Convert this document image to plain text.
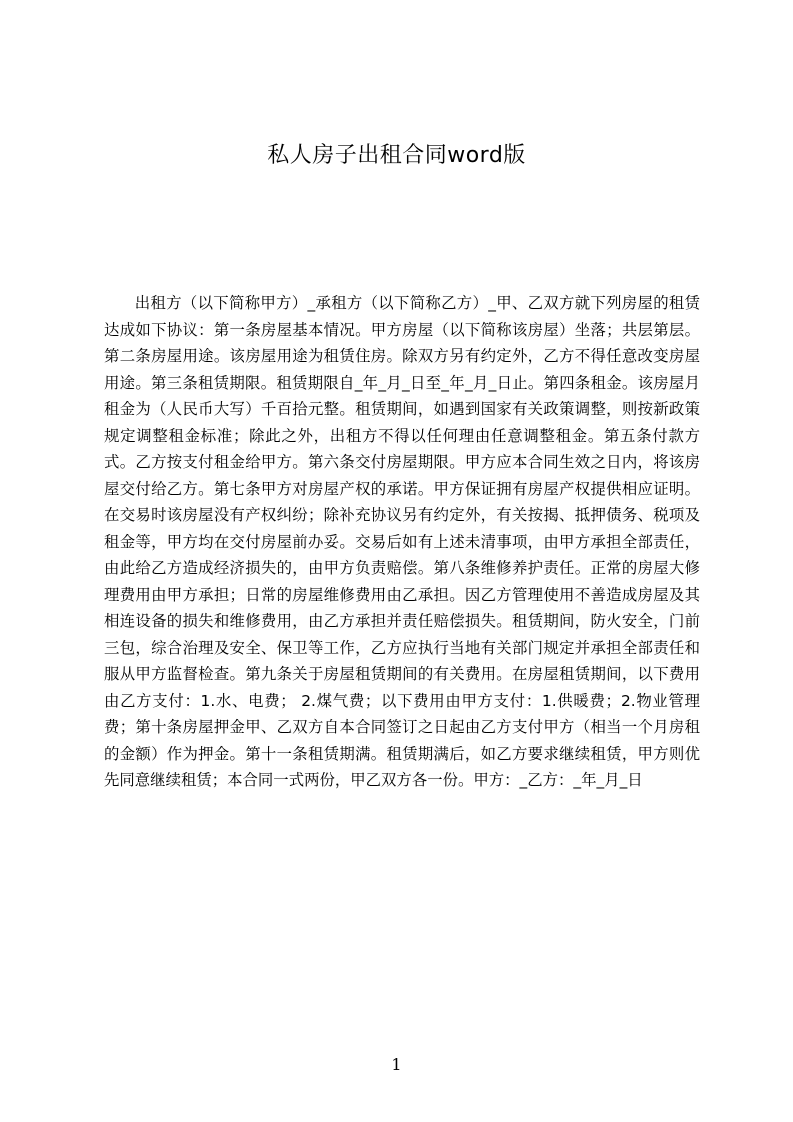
私人房子出租合同word版
出租方（以下简称甲方）_承租方（以下简称乙方）_甲、乙双方就下列房屋的租赁达成如下协议：第一条房屋基本情况。甲方房屋（以下简称该房屋）坐落；共层第层。第二条房屋用途。该房屋用途为租赁住房。除双方另有约定外，乙方不得任意改变房屋用途。第三条租赁期限。租赁期限自_年_月_日至_年_月_日止。第四条租金。该房屋月租金为（人民币大写）千百拾元整。租赁期间，如遇到国家有关政策调整，则按新政策规定调整租金标准；除此之外，出租方不得以任何理由任意调整租金。第五条付款方式。乙方按支付租金给甲方。第六条交付房屋期限。甲方应本合同生效之日内，将该房屋交付给乙方。第七条甲方对房屋产权的承诺。甲方保证拥有房屋产权提供相应证明。在交易时该房屋没有产权纠纷；除补充协议另有约定外，有关按揭、抵押债务、税项及租金等，甲方均在交付房屋前办妥。交易后如有上述未清事项，由甲方承担全部责任，由此给乙方造成经济损失的，由甲方负责赔偿。第八条维修养护责任。正常的房屋大修理费用由甲方承担；日常的房屋维修费用由乙承担。因乙方管理使用不善造成房屋及其相连设备的损失和维修费用，由乙方承担并责任赔偿损失。租赁期间，防火安全，门前三包，综合治理及安全、保卫等工作，乙方应执行当地有关部门规定并承担全部责任和服从甲方监督检查。第九条关于房屋租赁期间的有关费用。在房屋租赁期间，以下费用由乙方支付：1.水、电费； 2.煤气费；以下费用由甲方支付：1.供暖费；2.物业管理费；第十条房屋押金甲、乙双方自本合同签订之日起由乙方支付甲方（相当一个月房租的金额）作为押金。第十一条租赁期满。租赁期满后，如乙方要求继续租赁，甲方则优先同意继续租赁；本合同一式两份，甲乙双方各一份。甲方：_乙方：_年_月_日
1
